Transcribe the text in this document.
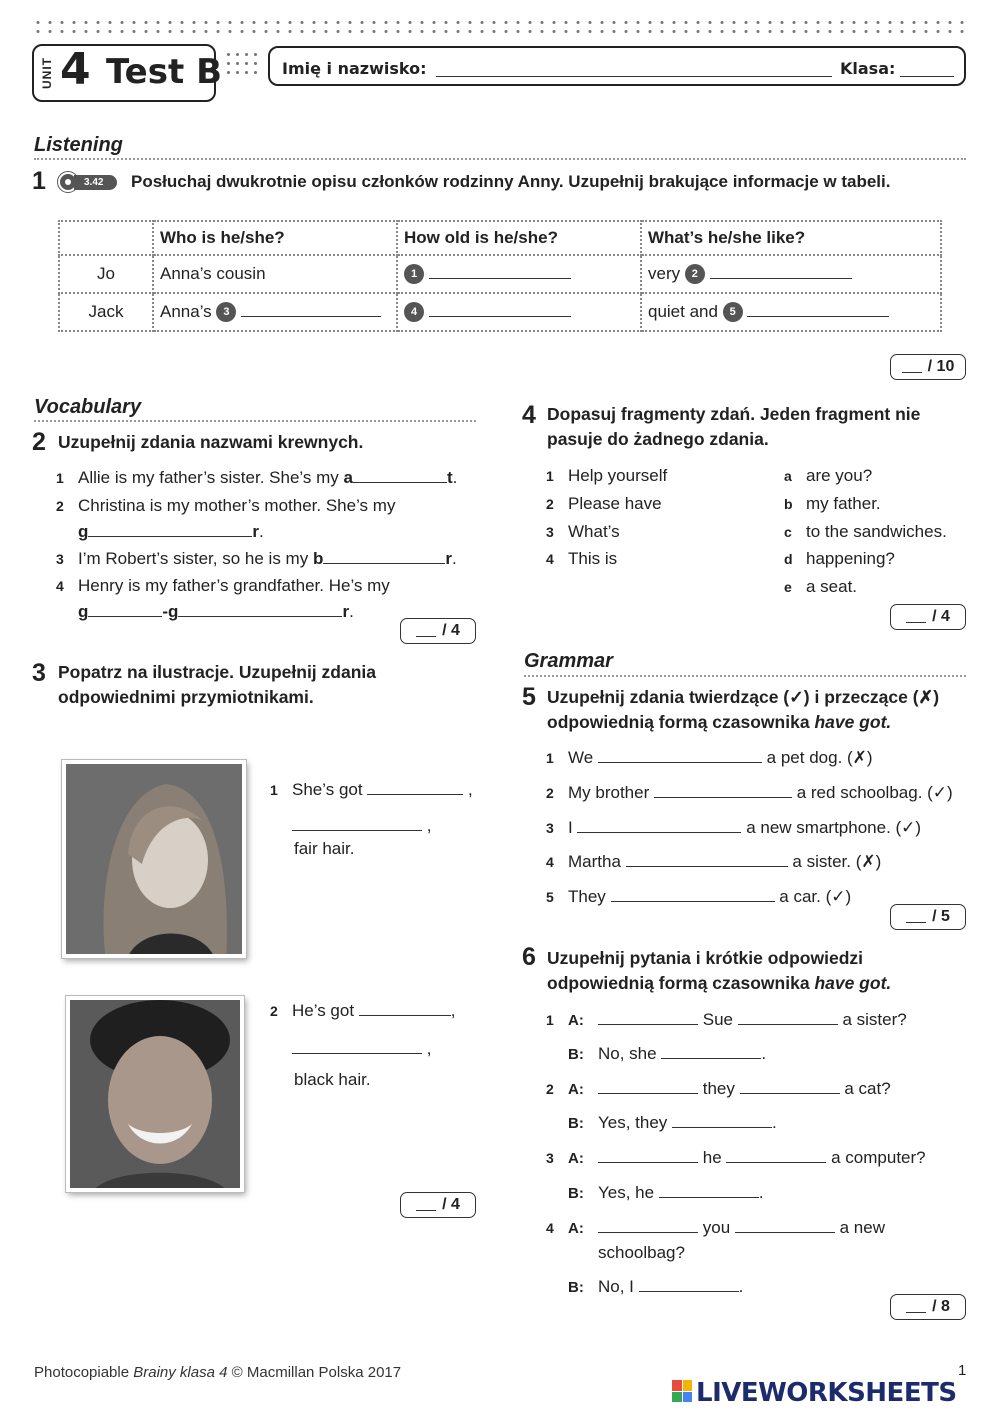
UNIT 4 Test B	Imię i nazwisko:	Klasa:
Listening
1	3.42	Posłuchaj dwukrotnie opisu członków rodzinny Anny. Uzupełnij brakujące informacje w tabeli.
	Who is he/she?	How old is he/she?	What’s he/she like?
Jo	Anna’s cousin	1	very 2
Jack	Anna’s 3	4	quiet and 5
/ 10
Vocabulary
2 Uzupełnij zdania nazwami krewnych.
1 Allie is my father’s sister. She’s my a	t.
2 Christina is my mother’s mother. She’s my
g	r.
3 I’m Robert’s sister, so he is my b	r.
4 Henry is my father’s grandfather. He’s my
g	-g	r.
/ 4
3 Popatrz na ilustracje. Uzupełnij zdania odpowiednimi przymiotnikami.
1 She’s got	,
,
fair hair.
2 He’s got	,
,
black hair.
/ 4
4 Dopasuj fragmenty zdań. Jeden fragment nie pasuje do żadnego zdania.
1 Help yourself
2 Please have
3 What’s
4 This is
a are you?
b my father.
c to the sandwiches.
d happening?
e a seat.
/ 4
Grammar
5 Uzupełnij zdania twierdzące (✓) i przeczące (✗) odpowiednią formą czasownika have got.
1 We	a pet dog. (✗)
2 My brother	a red schoolbag. (✓)
3 I	a new smartphone. (✓)
4 Martha	a sister. (✗)
5 They	a car. (✓)
/ 5
6 Uzupełnij pytania i krótkie odpowiedzi odpowiednią formą czasownika have got.
1 A:	Sue	a sister?
B: No, she	.
2 A:	they	a cat?
B: Yes, they	.
3 A:	he	a computer?
B: Yes, he	.
4 A:	you	a new
schoolbag?
B: No, I	.
/ 8
Photocopiable Brainy klasa 4 © Macmillan Polska 2017	1
LIVEWORKSHEETS
